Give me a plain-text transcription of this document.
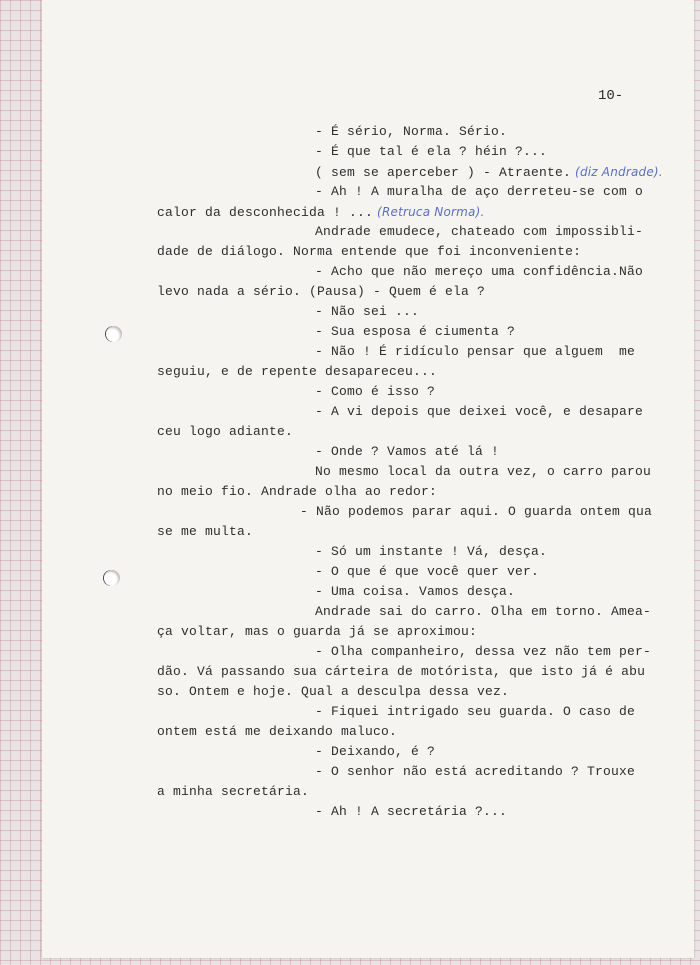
10-
- É sério, Norma. Sério.
- É que tal é ela ? héin ?...
( sem se aperceber ) - Atraente. (diz Andrade).
- Ah ! A muralha de aço derreteu-se com o
calor da desconhecida ! ... (Retruca Norma).
Andrade emudece, chateado com impossibli-
dade de diálogo. Norma entende que foi inconveniente:
- Acho que não mereço uma confidência.Não
levo nada a sério. (Pausa) - Quem é ela ?
- Não sei ...
- Sua esposa é ciumenta ?
- Não ! É ridículo pensar que alguem  me
seguiu, e de repente desapareceu...
- Como é isso ?
- A vi depois que deixei você, e desapare
ceu logo adiante.
- Onde ? Vamos até lá !
No mesmo local da outra vez, o carro parou
no meio fio. Andrade olha ao redor:
- Não podemos parar aqui. O guarda ontem qua
se me multa.
- Só um instante ! Vá, desça.
- O que é que você quer ver.
- Uma coisa. Vamos desça.
Andrade sai do carro. Olha em torno. Amea-
ça voltar, mas o guarda já se aproximou:
- Olha companheiro, dessa vez não tem per-
dão. Vá passando sua cárteira de motórista, que isto já é abu
so. Ontem e hoje. Qual a desculpa dessa vez.
- Fiquei intrigado seu guarda. O caso de
ontem está me deixando maluco.
- Deixando, é ?
- O senhor não está acreditando ? Trouxe
a minha secretária.
- Ah ! A secretária ?...
